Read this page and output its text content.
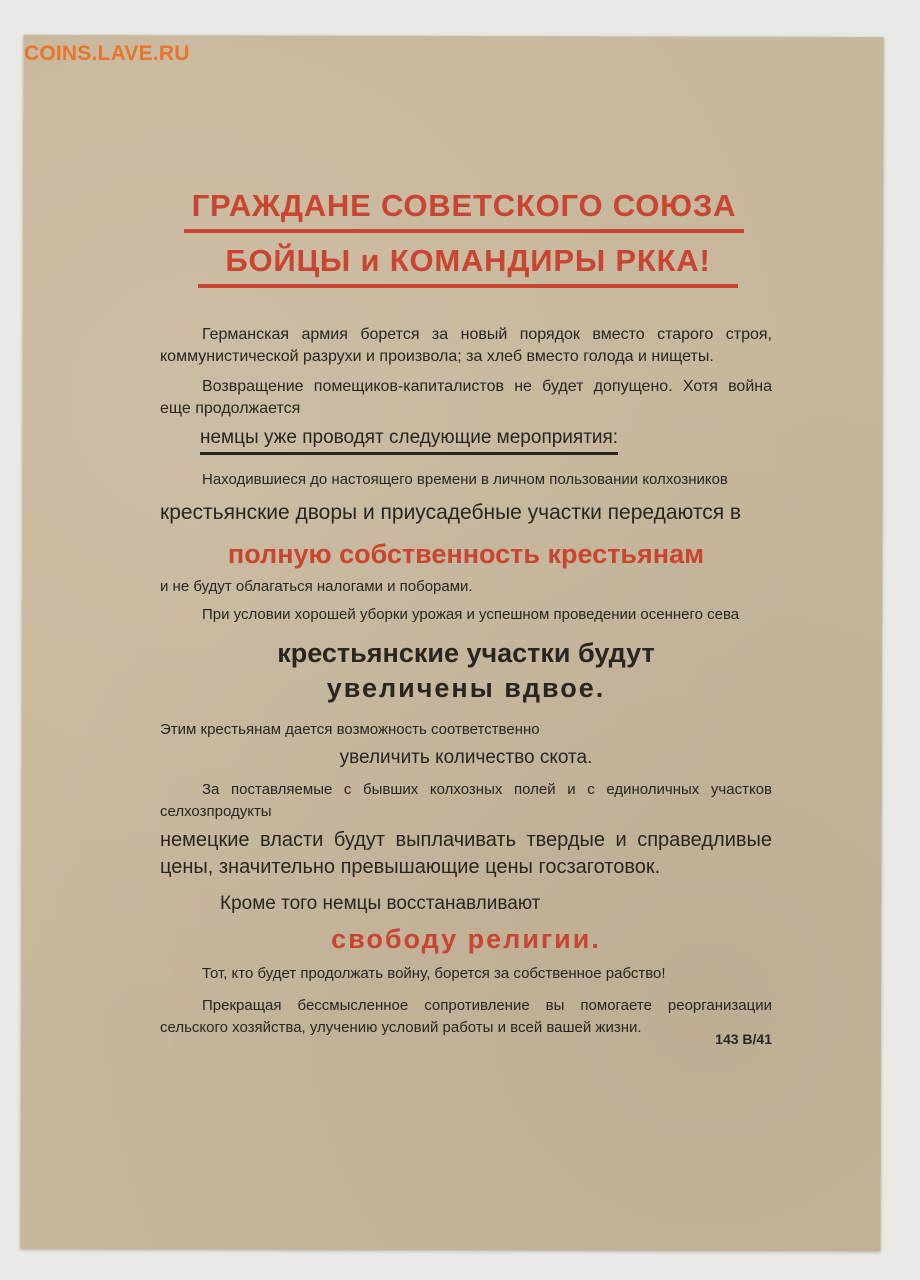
COINS.LAVE.RU
ГРАЖДАНЕ СОВЕТСКОГО СОЮЗА
БОЙЦЫ и КОМАНДИРЫ РККА!

Германская армия борется за новый порядок вместо старого строя, коммунистической разрухи и произвола; за хлеб вместо голода и нищеты.

Возвращение помещиков-капиталистов не будет допущено. Хотя война еще продолжается

немцы уже проводят следующие мероприятия:

Находившиеся до настоящего времени в личном пользовании колхозников

крестьянские дворы и приусадебные участки передаются в

полную собственность крестьянам

и не будут облагаться налогами и поборами.

При условии хорошей уборки урожая и успешном проведении осеннего сева

крестьянские участки будут

увеличены вдвое.

Этим крестьянам дается возможность соответственно

увеличить количество скота.

За поставляемые с бывших колхозных полей и с единоличных участков селхозпродукты

немецкие власти будут выплачивать твердые и справедливые цены, значительно превышающие цены госзаготовок.

Кроме того немцы восстанавливают

свободу религии.

Тот, кто будет продолжать войну, борется за собственное рабство!

Прекращая бессмысленное сопротивление вы помогаете реорганизации сельского хозяйства, улучению условий работы и всей вашей жизни.

143 В/41
